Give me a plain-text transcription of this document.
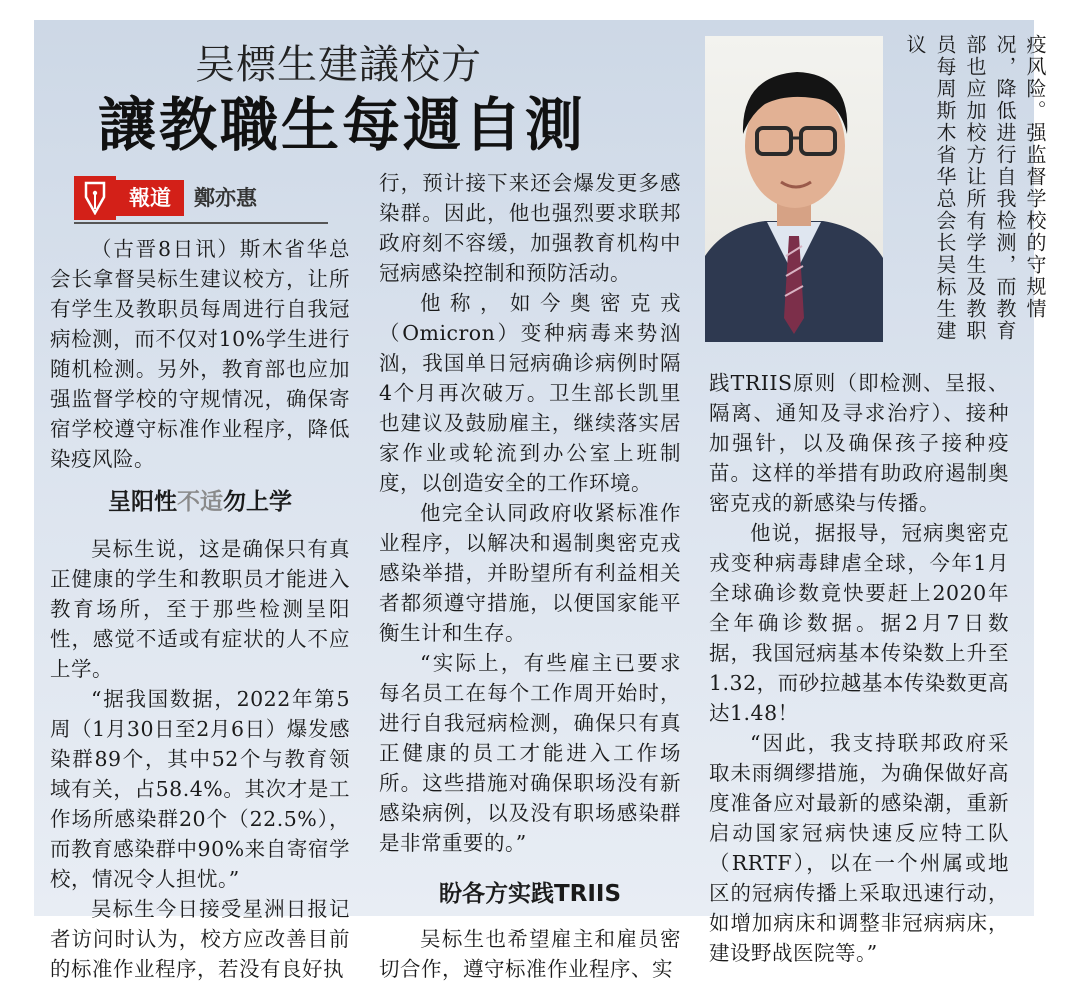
吴標生建議校方
讓教職生每週自測
報道	鄭亦惠

（古晋8日讯）斯木省华总会长拿督吴标生建议校方，让所有学生及教职员每周进行自我冠病检测，而不仅对10%学生进行随机检测。另外，教育部也应加强监督学校的守规情况，确保寄宿学校遵守标准作业程序，降低染疫风险。

呈阳性不适勿上学

吴标生说，这是确保只有真正健康的学生和教职员才能进入教育场所，至于那些检测呈阳性，感觉不适或有症状的人不应上学。

“据我国数据，2022年第5周（1月30日至2月6日）爆发感染群89个，其中52个与教育领域有关，占58.4%。其次才是工作场所感染群20个（22.5%），而教育感染群中90%来自寄宿学校，情况令人担忧。”

吴标生今日接受星洲日报记者访问时认为，校方应改善目前的标准作业程序，若没有良好执

行，预计接下来还会爆发更多感染群。因此，他也强烈要求联邦政府刻不容缓，加强教育机构中冠病感染控制和预防活动。

他称，如今奥密克戎（Omicron）变种病毒来势汹汹，我国单日冠病确诊病例时隔4个月再次破万。卫生部长凯里也建议及鼓励雇主，继续落实居家作业或轮流到办公室上班制度，以创造安全的工作环境。

他完全认同政府收紧标准作业程序，以解决和遏制奥密克戎感染举措，并盼望所有利益相关者都须遵守措施，以便国家能平衡生计和生存。

“实际上，有些雇主已要求每名员工在每个工作周开始时，进行自我冠病检测，确保只有真正健康的员工才能进入工作场所。这些措施对确保职场没有新感染病例，以及没有职场感染群是非常重要的。”

盼各方实践TRIIS

吴标生也希望雇主和雇员密切合作，遵守标准作业程序、实

疫风险。强监督学校的守规情况，降低进行自我检测，而教育部也应加校方让所有学生及教职员每周斯木省华总会长吴标生建议

践TRIIS原则（即检测、呈报、隔离、通知及寻求治疗）、接种加强针，以及确保孩子接种疫苗。这样的举措有助政府遏制奥密克戎的新感染与传播。

他说，据报导，冠病奥密克戎变种病毒肆虐全球，今年1月全球确诊数竟快要赶上2020年全年确诊数据。据2月7日数据，我国冠病基本传染数上升至1.32，而砂拉越基本传染数更高达1.48！

“因此，我支持联邦政府采取未雨绸缪措施，为确保做好高度准备应对最新的感染潮，重新启动国家冠病快速反应特工队（RRTF），以在一个州属或地区的冠病传播上采取迅速行动，如增加病床和调整非冠病病床，建设野战医院等。”
